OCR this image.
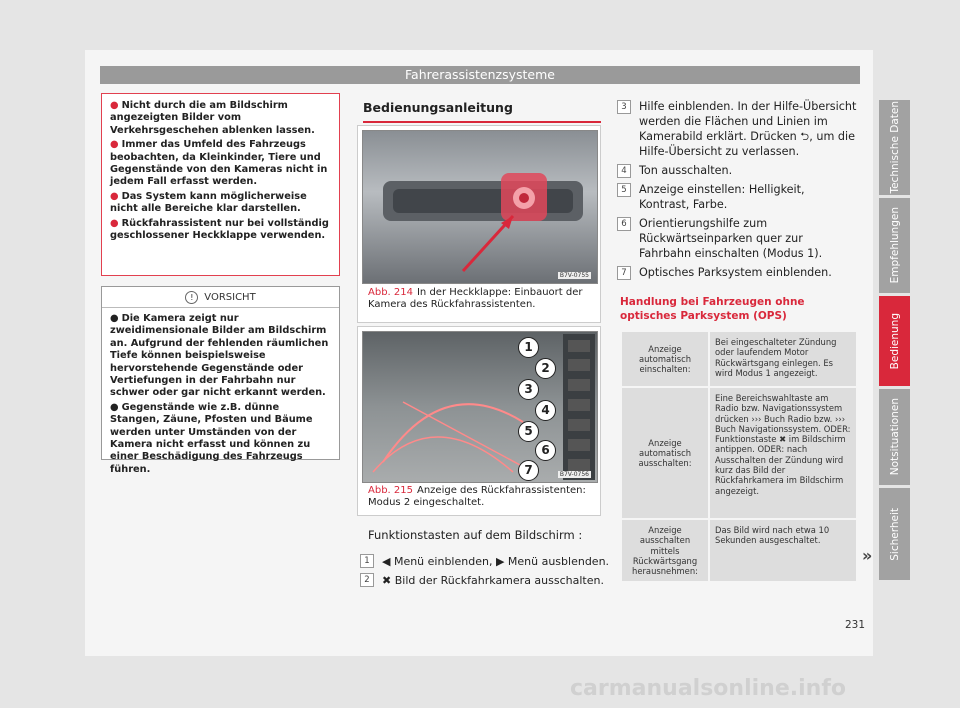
Fahrerassistenzsysteme
● Nicht durch die am Bildschirm angezeigten Bilder vom Verkehrsgeschehen ablenken lassen.
● Immer das Umfeld des Fahrzeugs beobachten, da Kleinkinder, Tiere und Gegenstände von den Kameras nicht in jedem Fall erfasst werden.
● Das System kann möglicherweise nicht alle Bereiche klar darstellen.
● Rückfahrassistent nur bei vollständig geschlossener Heckklappe verwenden.
!	VORSICHT
● Die Kamera zeigt nur zweidimensionale Bilder am Bildschirm an. Aufgrund der fehlenden räumlichen Tiefe können beispielsweise hervorstehende Gegenstände oder Vertiefungen in der Fahrbahn nur schwer oder gar nicht erkannt werden.
● Gegenstände wie z.B. dünne Stangen, Zäune, Pfosten und Bäume werden unter Umständen von der Kamera nicht erfasst und können zu einer Beschädigung des Fahrzeugs führen.
Bedienungsanleitung
B7V-0755
Abb. 214 In der Heckklappe: Einbauort der Kamera des Rückfahrassistenten.
1
2
3
4
5
6
7	B7V-0756
Abb. 215 Anzeige des Rückfahrassistenten: Modus 2 eingeschaltet.
Funktionstasten auf dem Bildschirm :
1	◀ Menü einblenden, ▶ Menü ausblenden.
2	✖ Bild der Rückfahrkamera ausschalten.
3	Hilfe einblenden. In der Hilfe-Übersicht werden die Flächen und Linien im Kamerabild erklärt. Drücken ⮌, um die Hilfe-Übersicht zu verlassen.
4	Ton ausschalten.
5	Anzeige einstellen: Helligkeit, Kontrast, Farbe.
6	Orientierungshilfe zum Rückwärtseinparken quer zur Fahrbahn einschalten (Modus 1).
7	Optisches Parksystem einblenden.
Handlung bei Fahrzeugen ohne optisches Parksystem (OPS)
Anzeige automatisch einschalten:	Bei eingeschalteter Zündung oder laufendem Motor Rückwärtsgang einlegen. Es wird Modus 1 angezeigt.
Anzeige automatisch ausschalten:	Eine Bereichswahltaste am Radio bzw. Navigationssystem drücken ››› Buch Radio bzw. ››› Buch Navigationssystem. ODER: Funktionstaste ✖ im Bildschirm antippen. ODER: nach Ausschalten der Zündung wird kurz das Bild der Rückfahrkamera im Bildschirm angezeigt.
Anzeige ausschalten mittels Rückwärtsgang herausnehmen:	Das Bild wird nach etwa 10 Sekunden ausgeschaltet.
»
231
Technische Daten
Empfehlungen
Bedienung
Notsituationen
Sicherheit
carmanualsonline.info
